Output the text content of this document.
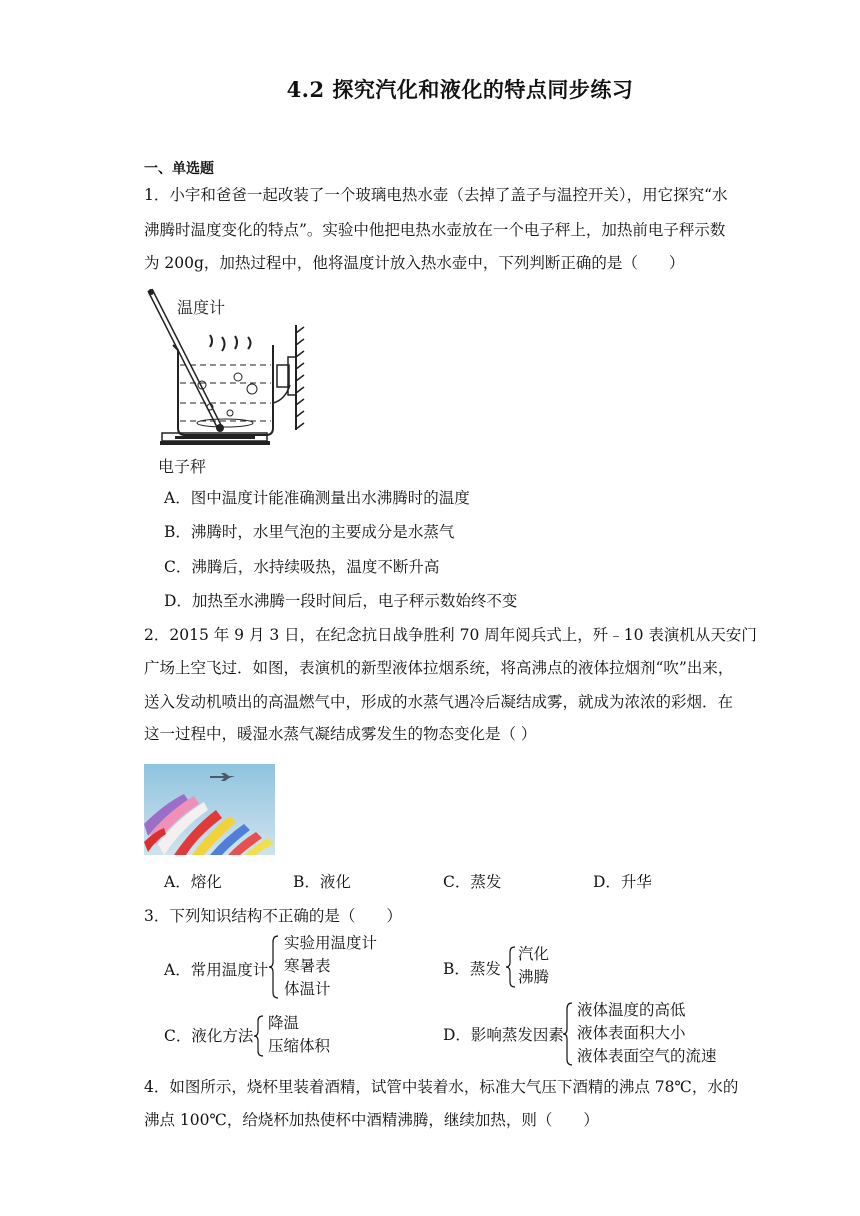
4.2 探究汽化和液化的特点同步练习
一、单选题
1．小宇和爸爸一起改装了一个玻璃电热水壶（去掉了盖子与温控开关），用它探究“水
沸腾时温度变化的特点”。实验中他把电热水壶放在一个电子秤上，加热前电子秤示数
为 200g，加热过程中，他将温度计放入热水壶中，下列判断正确的是（　　）
温度计
电子秤
A．图中温度计能准确测量出水沸腾时的温度
B．沸腾时，水里气泡的主要成分是水蒸气
C．沸腾后，水持续吸热，温度不断升高
D．加热至水沸腾一段时间后，电子秤示数始终不变
2．2015 年 9 月 3 日，在纪念抗日战争胜利 70 周年阅兵式上，歼﹣10 表演机从天安门
广场上空飞过．如图，表演机的新型液体拉烟系统，将高沸点的液体拉烟剂“吹”出来，
送入发动机喷出的高温燃气中，形成的水蒸气遇冷后凝结成雾，就成为浓浓的彩烟．在
这一过程中，暖湿水蒸气凝结成雾发生的物态变化是（ ）
A．熔化	B．液化	C．蒸发	D．升华
3．下列知识结构不正确的是（　　）
A．常用温度计
实验用温度计
寒暑表
体温计
B．蒸发
汽化
沸腾
C．液化方法
降温
压缩体积
D．影响蒸发因素
液体温度的高低
液体表面积大小
液体表面空气的流速
4．如图所示，烧杯里装着酒精，试管中装着水，标准大气压下酒精的沸点 78℃，水的
沸点 100℃，给烧杯加热使杯中酒精沸腾，继续加热，则（　　）
